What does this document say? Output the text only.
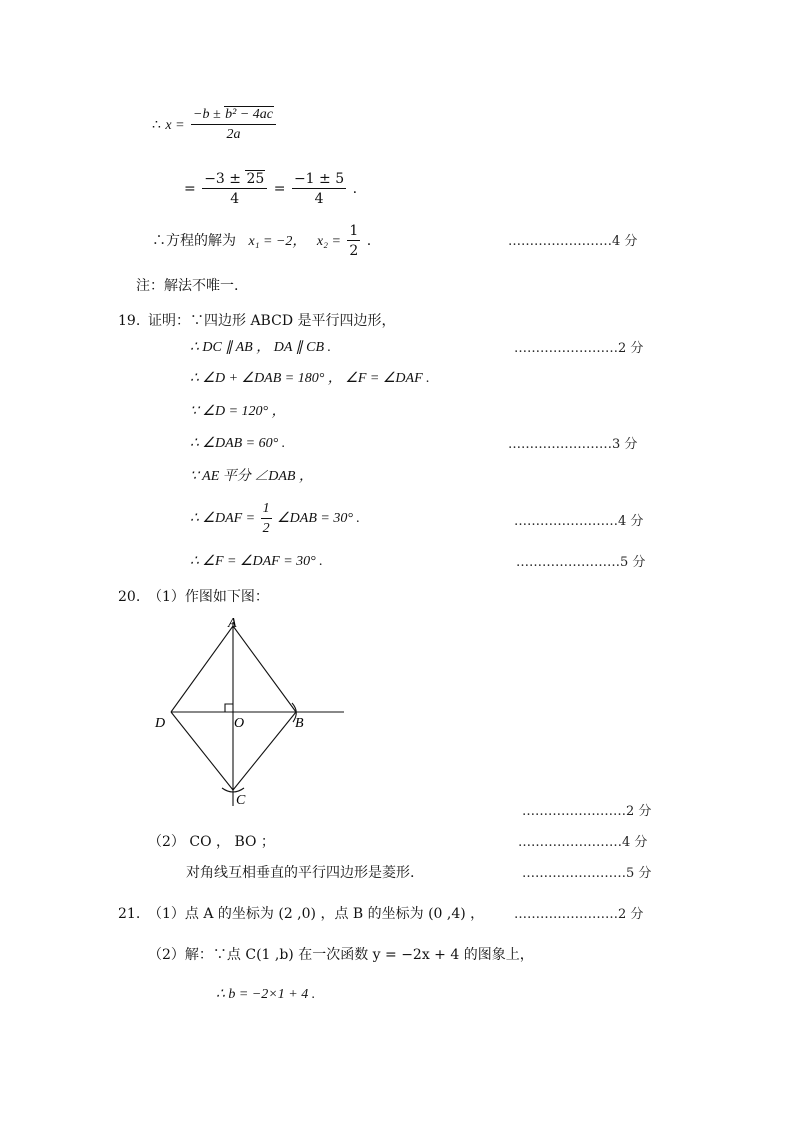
∴ $x = \frac{\text{−b ± b² − 4ac}}{2a}$
= $\frac{-3 \pm 25}{4} = \frac{-1 \pm 5}{4}$ .
∴方程的解为 x₁ = −2， $x_2 = \frac{1}{2}$ .	……………………4 分
注：解法不唯一.
19. 证明：∵四边形 ABCD 是平行四边形，
∴ DC ∥ AB ， DA ∥ CB .	……………………2 分
∴ ∠D + ∠DAB = 180° ， ∠F = ∠DAF .
∵ ∠D = 120° ，
∴ ∠DAB = 60° .	……………………3 分
∵ AE 平分 ∠DAB ，
∴ ∠DAF = $\frac{1}{2}$ ∠DAB = 30° .	……………………4 分
∴ ∠F = ∠DAF = 30° .	……………………5 分
20. （1）作图如下图：
A
B
C
D	O
……………………2 分
（2） CO ， BO ；	……………………4 分
对角线互相垂直的平行四边形是菱形.	……………………5 分
21. （1）点 A 的坐标为 (2 ,0) ，点 B 的坐标为 (0 ,4) ， ……………………2 分
（2）解：∵点 C(1 ,b) 在一次函数 y = −2x + 4 的图象上，
∴ b = −2×1 + 4 .
